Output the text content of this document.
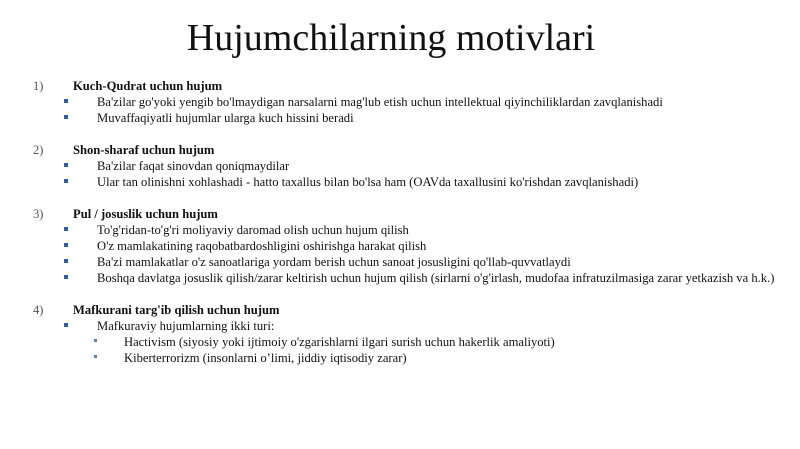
Hujumchilarning motivlari
1) Kuch-Qudrat uchun hujum
Ba'zilar go'yoki yengib bo'lmaydigan narsalarni mag'lub etish uchun intellektual qiyinchiliklardan zavqlanishadi
Muvaffaqiyatli hujumlar ularga kuch hissini beradi
2) Shon-sharaf uchun hujum
Ba'zilar faqat sinovdan qoniqmaydilar
Ular tan olinishni xohlashadi - hatto taxallus bilan bo'lsa ham (OAVda taxallusini ko'rishdan zavqlanishadi)
3) Pul / josuslik uchun hujum
To'g'ridan-to'g'ri moliyaviy daromad olish uchun hujum qilish
O'z mamlakatining raqobatbardoshligini oshirishga harakat qilish
Ba'zi mamlakatlar o'z sanoatlariga yordam berish uchun sanoat josusligini qo'llab-quvvatlaydi
Boshqa davlatga josuslik qilish/zarar keltirish uchun hujum qilish (sirlarni o'g'irlash, mudofaa infratuzilmasiga zarar yetkazish va h.k.)
4) Mafkurani targ'ib qilish uchun hujum
Mafkuraviy hujumlarning ikki turi:
Hactivism (siyosiy yoki ijtimoiy o'zgarishlarni ilgari surish uchun hakerlik amaliyoti)
Kiberterrorizm (insonlarni o’limi, jiddiy iqtisodiy zarar)
